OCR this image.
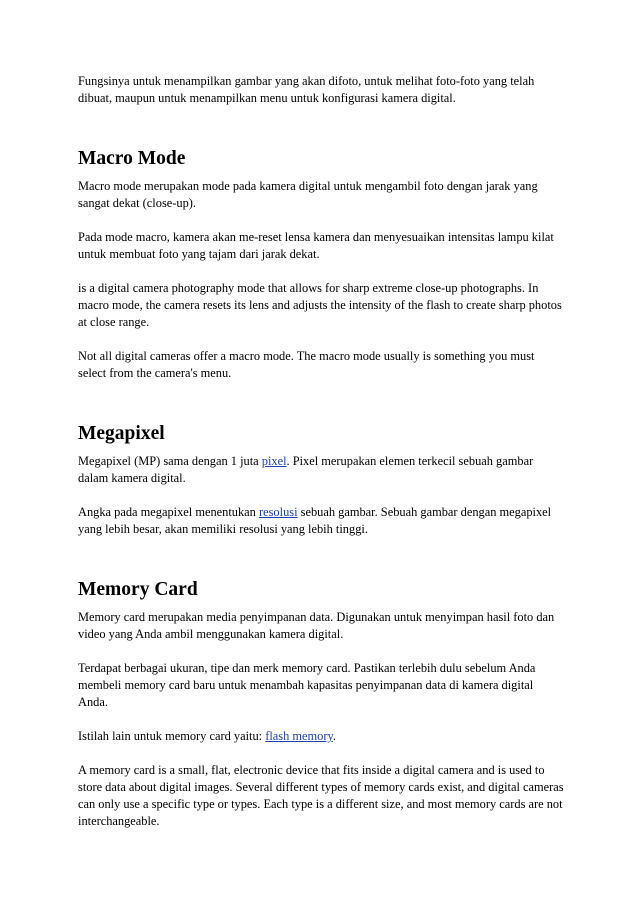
Fungsinya untuk menampilkan gambar yang akan difoto, untuk melihat foto-foto yang telah dibuat, maupun untuk menampilkan menu untuk konfigurasi kamera digital.

Macro Mode

Macro mode merupakan mode pada kamera digital untuk mengambil foto dengan jarak yang sangat dekat (close-up).

Pada mode macro, kamera akan me-reset lensa kamera dan menyesuaikan intensitas lampu kilat untuk membuat foto yang tajam dari jarak dekat.

is a digital camera photography mode that allows for sharp extreme close-up photographs. In macro mode, the camera resets its lens and adjusts the intensity of the flash to create sharp photos at close range.

Not all digital cameras offer a macro mode. The macro mode usually is something you must select from the camera's menu.

Megapixel

Megapixel (MP) sama dengan 1 juta pixel. Pixel merupakan elemen terkecil sebuah gambar dalam kamera digital.

Angka pada megapixel menentukan resolusi sebuah gambar. Sebuah gambar dengan megapixel yang lebih besar, akan memiliki resolusi yang lebih tinggi.

Memory Card

Memory card merupakan media penyimpanan data. Digunakan untuk menyimpan hasil foto dan video yang Anda ambil menggunakan kamera digital.

Terdapat berbagai ukuran, tipe dan merk memory card. Pastikan terlebih dulu sebelum Anda membeli memory card baru untuk menambah kapasitas penyimpanan data di kamera digital Anda.

Istilah lain untuk memory card yaitu: flash memory.

A memory card is a small, flat, electronic device that fits inside a digital camera and is used to store data about digital images. Several different types of memory cards exist, and digital cameras can only use a specific type or types. Each type is a different size, and most memory cards are not interchangeable.
